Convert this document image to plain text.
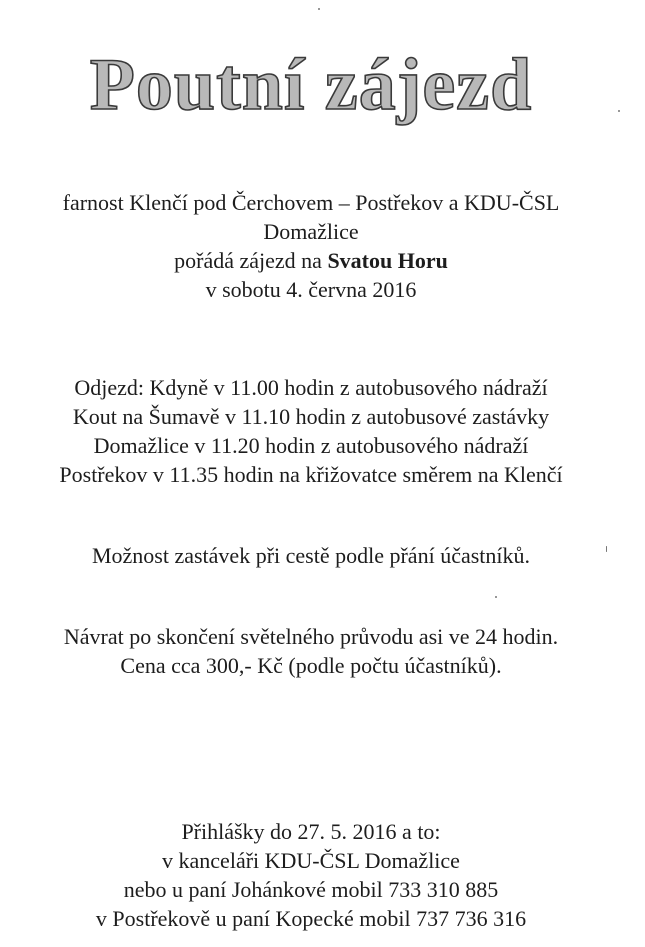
Poutní zájezd
farnost Klenčí pod Čerchovem – Postřekov a KDU-ČSL
Domažlice
pořádá zájezd na Svatou Horu
v sobotu 4. června 2016
Odjezd: Kdyně v 11.00 hodin z autobusového nádraží
Kout na Šumavě v 11.10 hodin z autobusové zastávky
Domažlice v 11.20 hodin z autobusového nádraží
Postřekov v 11.35 hodin na křižovatce směrem na Klenčí
Možnost zastávek při cestě podle přání účastníků.
Návrat po skončení světelného průvodu asi ve 24 hodin.
Cena cca 300,- Kč (podle počtu účastníků).
Přihlášky do 27. 5. 2016 a to:
v kanceláři KDU-ČSL Domažlice
nebo u paní Johánkové mobil 733 310 885
v Postřekově u paní Kopecké mobil 737 736 316
